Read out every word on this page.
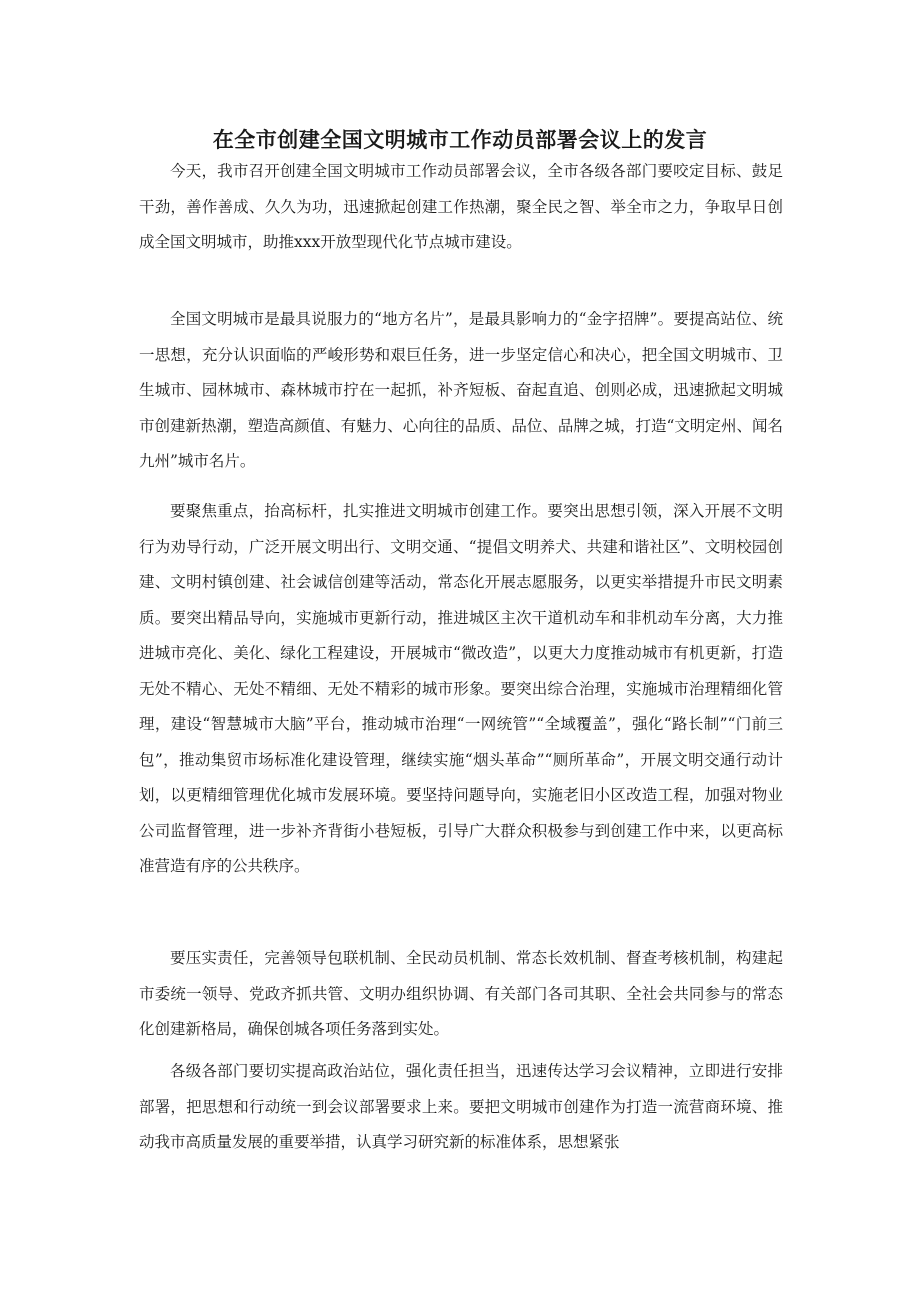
在全市创建全国文明城市工作动员部署会议上的发言

今天，我市召开创建全国文明城市工作动员部署会议，全市各级各部门要咬定目标、鼓足干劲，善作善成、久久为功，迅速掀起创建工作热潮，聚全民之智、举全市之力，争取早日创成全国文明城市，助推xxx开放型现代化节点城市建设。

全国文明城市是最具说服力的“地方名片”，是最具影响力的“金字招牌”。要提高站位、统一思想，充分认识面临的严峻形势和艰巨任务，进一步坚定信心和决心，把全国文明城市、卫生城市、园林城市、森林城市拧在一起抓，补齐短板、奋起直追、创则必成，迅速掀起文明城市创建新热潮，塑造高颜值、有魅力、心向往的品质、品位、品牌之城，打造“文明定州、闻名九州”城市名片。

要聚焦重点，抬高标杆，扎实推进文明城市创建工作。要突出思想引领，深入开展不文明行为劝导行动，广泛开展文明出行、文明交通、“提倡文明养犬、共建和谐社区”、文明校园创建、文明村镇创建、社会诚信创建等活动，常态化开展志愿服务，以更实举措提升市民文明素质。要突出精品导向，实施城市更新行动，推进城区主次干道机动车和非机动车分离，大力推进城市亮化、美化、绿化工程建设，开展城市“微改造”，以更大力度推动城市有机更新，打造无处不精心、无处不精细、无处不精彩的城市形象。要突出综合治理，实施城市治理精细化管理，建设“智慧城市大脑”平台，推动城市治理“一网统管”“全域覆盖”，强化“路长制”“门前三包”，推动集贸市场标准化建设管理，继续实施“烟头革命”“厕所革命”，开展文明交通行动计划，以更精细管理优化城市发展环境。要坚持问题导向，实施老旧小区改造工程，加强对物业公司监督管理，进一步补齐背街小巷短板，引导广大群众积极参与到创建工作中来，以更高标准营造有序的公共秩序。

要压实责任，完善领导包联机制、全民动员机制、常态长效机制、督查考核机制，构建起市委统一领导、党政齐抓共管、文明办组织协调、有关部门各司其职、全社会共同参与的常态化创建新格局，确保创城各项任务落到实处。

各级各部门要切实提高政治站位，强化责任担当，迅速传达学习会议精神，立即进行安排部署，把思想和行动统一到会议部署要求上来。要把文明城市创建作为打造一流营商环境、推动我市高质量发展的重要举措，认真学习研究新的标准体系，思想紧张
